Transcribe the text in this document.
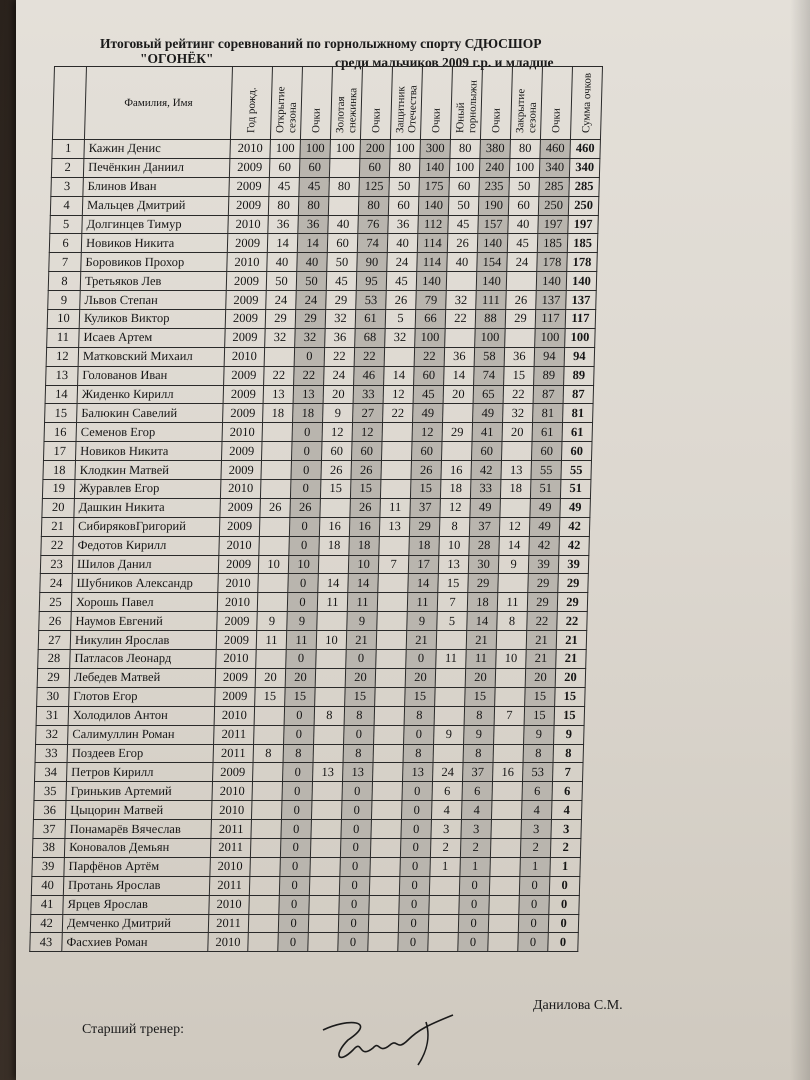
Итоговый рейтинг соревнований по горнолыжному спорту СДЮСШОР
"ОГОНЁК"	среди мальчиков 2009 г.р. и младше
	Фамилия, Имя	Год рожд.	Открытие сезона	Очки	Золотая снежинка	Очки	Защитник Отечества	Очки	Юный горнолыжн	Очки	Закрытие сезона	Очки	Сумма очков
1	Кажин Денис	2010	100	100	100	200	100	300	80	380	80	460	460
2	Печёнкин Даниил	2009	60	60		60	80	140	100	240	100	340	340
3	Блинов Иван	2009	45	45	80	125	50	175	60	235	50	285	285
4	Мальцев Дмитрий	2009	80	80		80	60	140	50	190	60	250	250
5	Долгинцев Тимур	2010	36	36	40	76	36	112	45	157	40	197	197
6	Новиков Никита	2009	14	14	60	74	40	114	26	140	45	185	185
7	Боровиков Прохор	2010	40	40	50	90	24	114	40	154	24	178	178
8	Третьяков Лев	2009	50	50	45	95	45	140		140		140	140
9	Львов Степан	2009	24	24	29	53	26	79	32	111	26	137	137
10	Куликов Виктор	2009	29	29	32	61	5	66	22	88	29	117	117
11	Исаев Артем	2009	32	32	36	68	32	100		100		100	100
12	Матковский Михаил	2010		0	22	22		22	36	58	36	94	94
13	Голованов Иван	2009	22	22	24	46	14	60	14	74	15	89	89
14	Жиденко Кирилл	2009	13	13	20	33	12	45	20	65	22	87	87
15	Балюкин Савелий	2009	18	18	9	27	22	49		49	32	81	81
16	Семенов Егор	2010		0	12	12		12	29	41	20	61	61
17	Новиков Никита	2009		0	60	60		60		60		60	60
18	Клодкин Матвей	2009		0	26	26		26	16	42	13	55	55
19	Журавлев Егор	2010		0	15	15		15	18	33	18	51	51
20	Дашкин Никита	2009	26	26		26	11	37	12	49		49	49
21	СибиряковГригорий	2009		0	16	16	13	29	8	37	12	49	42
22	Федотов Кирилл	2010		0	18	18		18	10	28	14	42	42
23	Шилов Данил	2009	10	10		10	7	17	13	30	9	39	39
24	Шубников Александр	2010		0	14	14		14	15	29		29	29
25	Хорошь Павел	2010		0	11	11		11	7	18	11	29	29
26	Наумов Евгений	2009	9	9		9		9	5	14	8	22	22
27	Никулин Ярослав	2009	11	11	10	21		21		21		21	21
28	Патласов Леонард	2010		0		0		0	11	11	10	21	21
29	Лебедев Матвей	2009	20	20		20		20		20		20	20
30	Глотов Егор	2009	15	15		15		15		15		15	15
31	Холодилов Антон	2010		0	8	8		8		8	7	15	15
32	Салимуллин Роман	2011		0		0		0	9	9		9	9
33	Поздеев Егор	2011	8	8		8		8		8		8	8
34	Петров Кирилл	2009		0	13	13		13	24	37	16	53	7
35	Гринькив Артемий	2010		0		0		0	6	6		6	6
36	Цыцорин Матвей	2010		0		0		0	4	4		4	4
37	Понамарёв Вячеслав	2011		0		0		0	3	3		3	3
38	Коновалов Демьян	2011		0		0		0	2	2		2	2
39	Парфёнов Артём	2010		0		0		0	1	1		1	1
40	Протань Ярослав	2011		0		0		0		0		0	0
41	Ярцев Ярослав	2010		0		0		0		0		0	0
42	Демченко Дмитрий	2011		0		0		0		0		0	0
43	Фасхиев Роман	2010		0		0		0		0		0	0
Данилова С.М.
Старший тренер:
